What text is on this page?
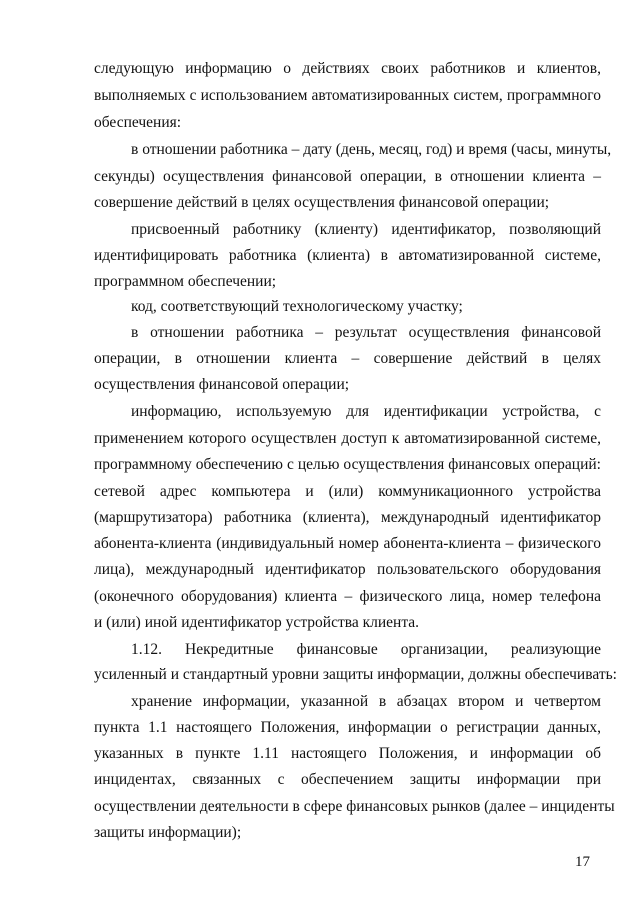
следующую информацию о действиях своих работников и клиентов,
выполняемых с использованием автоматизированных систем, программного
обеспечения:
в отношении работника – дату (день, месяц, год) и время (часы, минуты,
секунды) осуществления финансовой операции, в отношении клиента –
совершение действий в целях осуществления финансовой операции;
присвоенный работнику (клиенту) идентификатор, позволяющий
идентифицировать работника (клиента) в автоматизированной системе,
программном обеспечении;
код, соответствующий технологическому участку;
в отношении работника – результат осуществления финансовой
операции, в отношении клиента – совершение действий в целях
осуществления финансовой операции;
информацию, используемую для идентификации устройства, с
применением которого осуществлен доступ к автоматизированной системе,
программному обеспечению с целью осуществления финансовых операций:
сетевой адрес компьютера и (или) коммуникационного устройства
(маршрутизатора) работника (клиента), международный идентификатор
абонента-клиента (индивидуальный номер абонента-клиента – физического
лица), международный идентификатор пользовательского оборудования
(оконечного оборудования) клиента – физического лица, номер телефона
и (или) иной идентификатор устройства клиента.
1.12. Некредитные финансовые организации, реализующие
усиленный и стандартный уровни защиты информации, должны обеспечивать:
хранение информации, указанной в абзацах втором и четвертом
пункта 1.1 настоящего Положения, информации о регистрации данных,
указанных в пункте 1.11 настоящего Положения, и информации об
инцидентах, связанных с обеспечением защиты информации при
осуществлении деятельности в сфере финансовых рынков (далее – инциденты
защиты информации);
17
